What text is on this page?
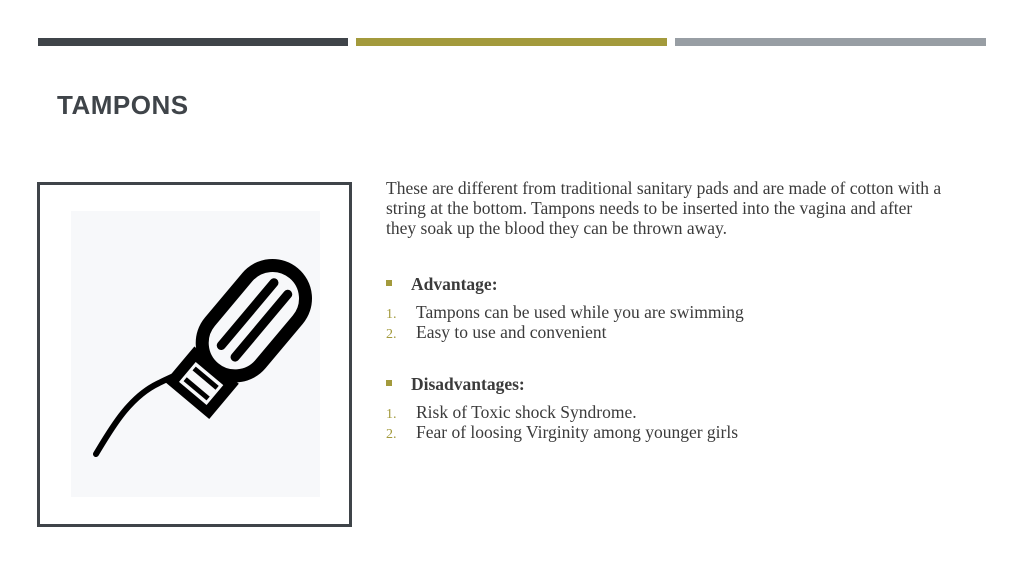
TAMPONS

These are different from traditional sanitary pads and are made of cotton with a string at the bottom. Tampons needs to be inserted into the vagina and after they soak up the blood they can be thrown away.

Advantage:
1.	Tampons can be used while you are swimming
2.	Easy to use and convenient
Disadvantages:
1.	Risk of Toxic shock Syndrome.
2.	Fear of loosing Virginity among younger girls
